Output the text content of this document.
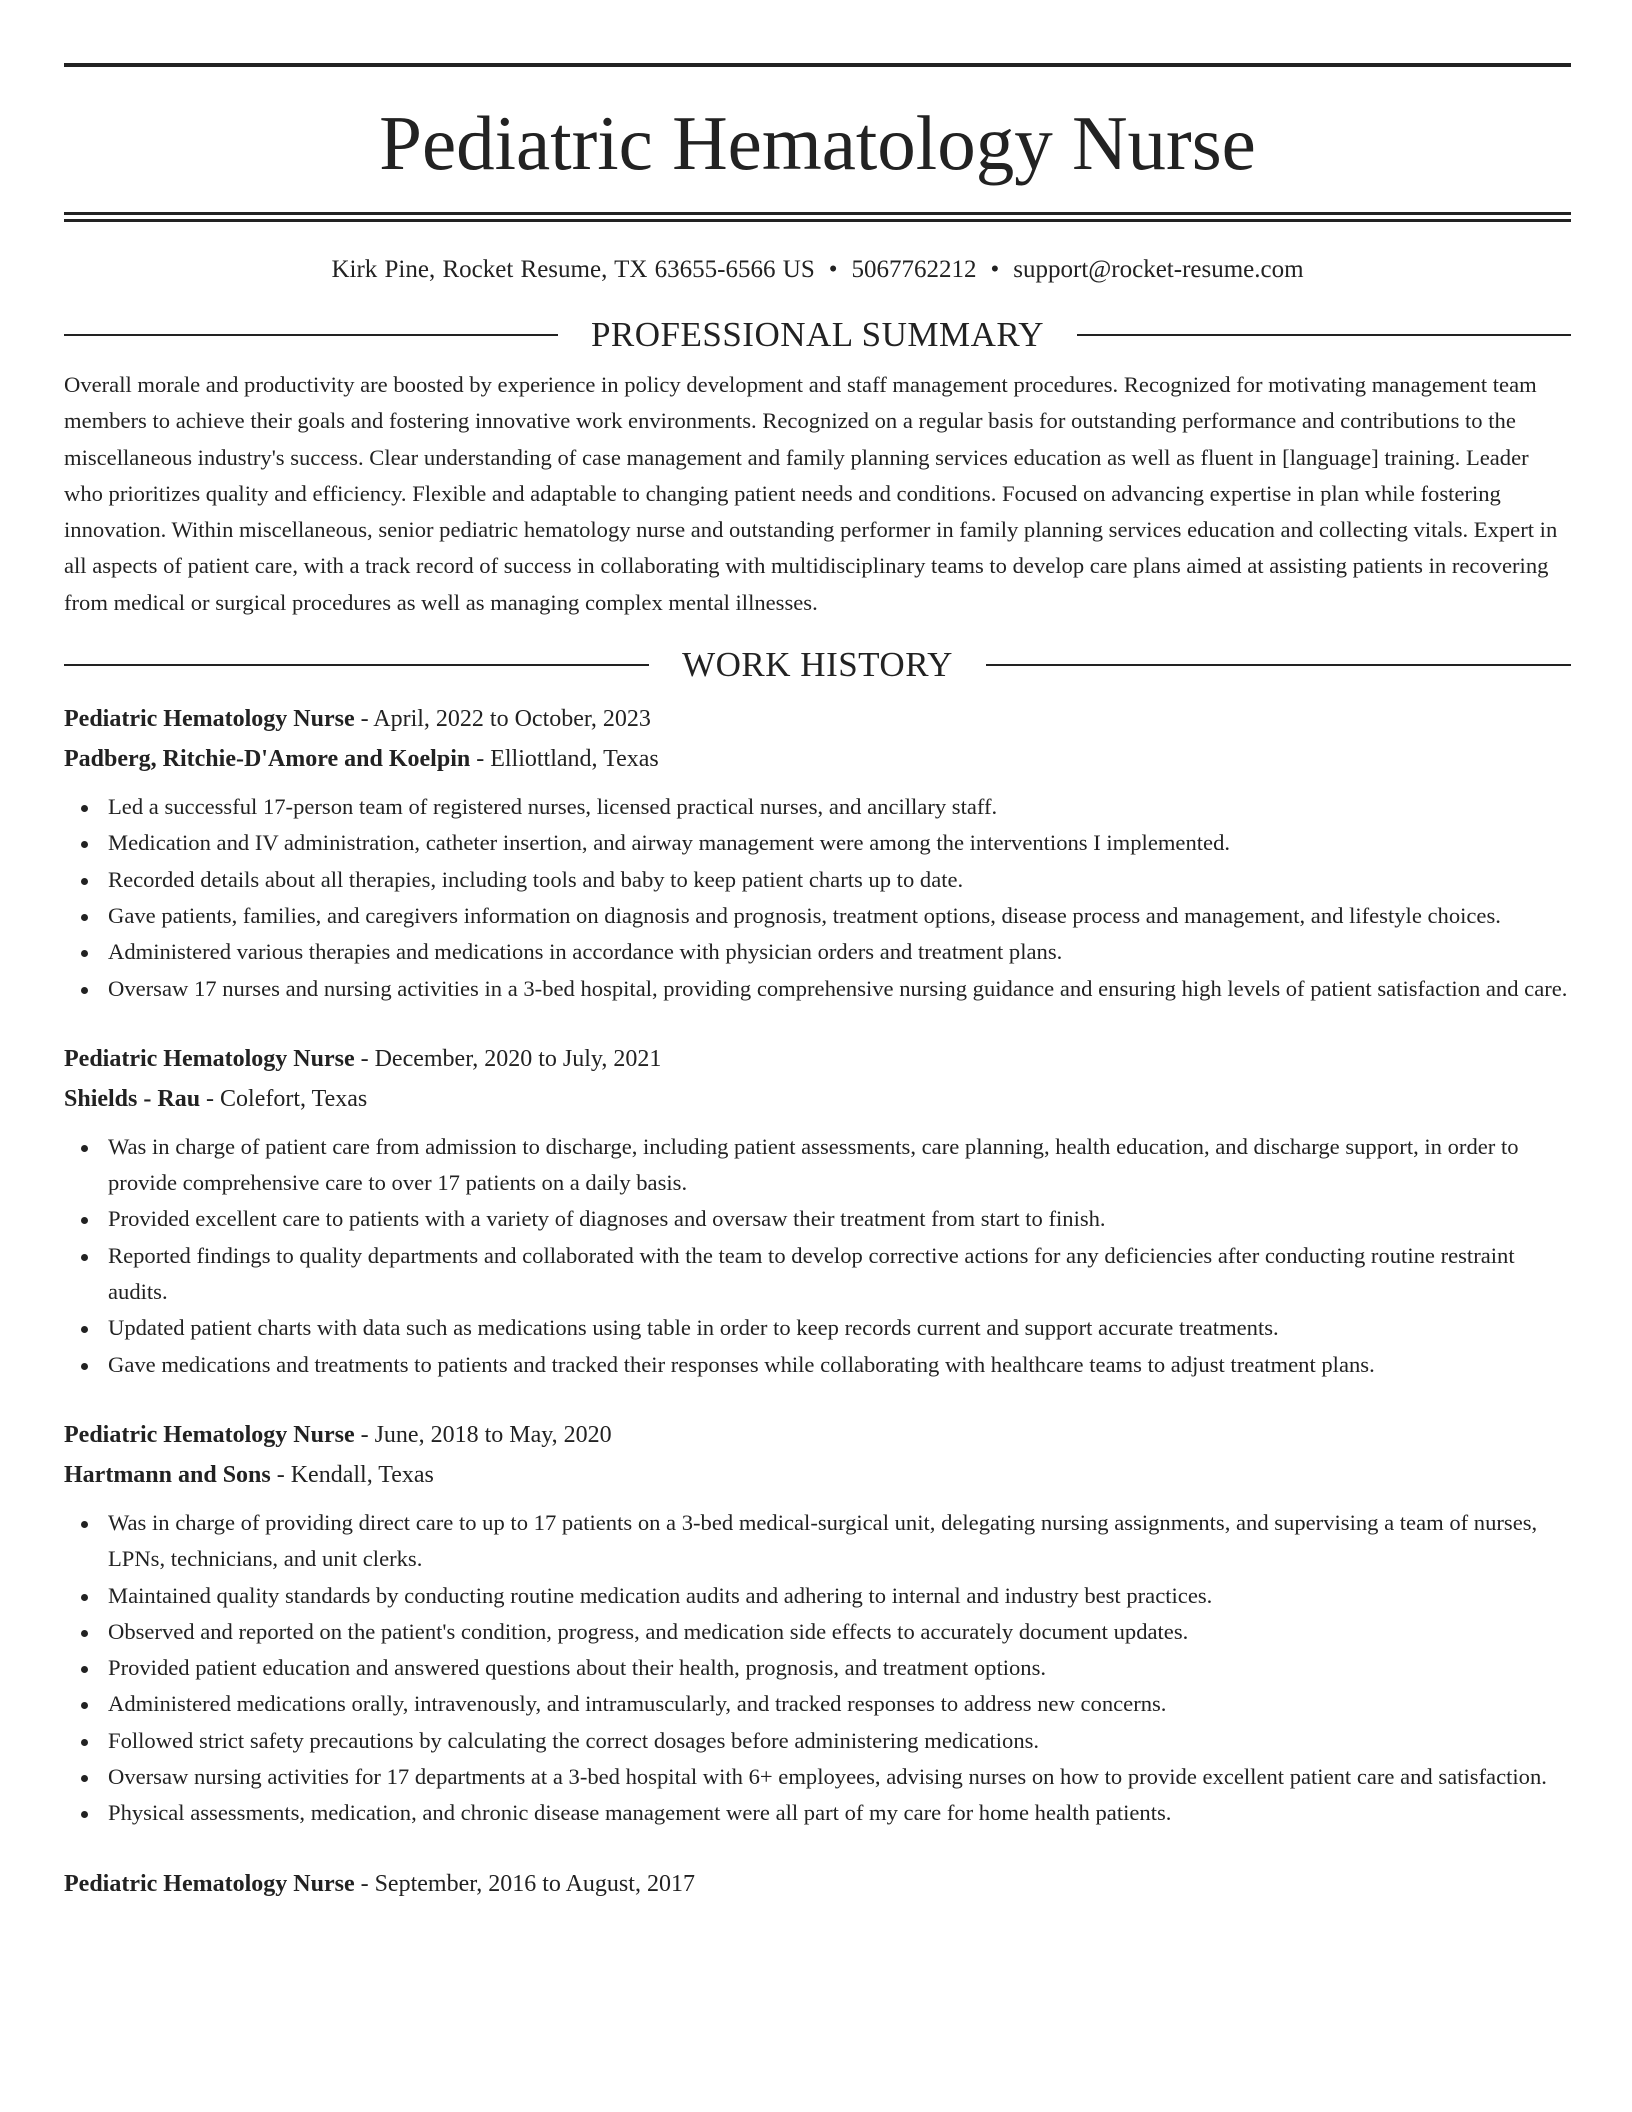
Pediatric Hematology Nurse
Kirk Pine, Rocket Resume, TX 63655-6566 US • 5067762212 • support@rocket-resume.com
PROFESSIONAL SUMMARY
Overall morale and productivity are boosted by experience in policy development and staff management procedures. Recognized for motivating management team members to achieve their goals and fostering innovative work environments. Recognized on a regular basis for outstanding performance and contributions to the miscellaneous industry's success. Clear understanding of case management and family planning services education as well as fluent in [language] training. Leader who prioritizes quality and efficiency. Flexible and adaptable to changing patient needs and conditions. Focused on advancing expertise in plan while fostering innovation. Within miscellaneous, senior pediatric hematology nurse and outstanding performer in family planning services education and collecting vitals. Expert in all aspects of patient care, with a track record of success in collaborating with multidisciplinary teams to develop care plans aimed at assisting patients in recovering from medical or surgical procedures as well as managing complex mental illnesses.
WORK HISTORY
Pediatric Hematology Nurse - April, 2022 to October, 2023
Padberg, Ritchie-D'Amore and Koelpin - Elliottland, Texas
Led a successful 17-person team of registered nurses, licensed practical nurses, and ancillary staff.
Medication and IV administration, catheter insertion, and airway management were among the interventions I implemented.
Recorded details about all therapies, including tools and baby to keep patient charts up to date.
Gave patients, families, and caregivers information on diagnosis and prognosis, treatment options, disease process and management, and lifestyle choices.
Administered various therapies and medications in accordance with physician orders and treatment plans.
Oversaw 17 nurses and nursing activities in a 3-bed hospital, providing comprehensive nursing guidance and ensuring high levels of patient satisfaction and care.
Pediatric Hematology Nurse - December, 2020 to July, 2021
Shields - Rau - Colefort, Texas
Was in charge of patient care from admission to discharge, including patient assessments, care planning, health education, and discharge support, in order to provide comprehensive care to over 17 patients on a daily basis.
Provided excellent care to patients with a variety of diagnoses and oversaw their treatment from start to finish.
Reported findings to quality departments and collaborated with the team to develop corrective actions for any deficiencies after conducting routine restraint audits.
Updated patient charts with data such as medications using table in order to keep records current and support accurate treatments.
Gave medications and treatments to patients and tracked their responses while collaborating with healthcare teams to adjust treatment plans.
Pediatric Hematology Nurse - June, 2018 to May, 2020
Hartmann and Sons - Kendall, Texas
Was in charge of providing direct care to up to 17 patients on a 3-bed medical-surgical unit, delegating nursing assignments, and supervising a team of nurses, LPNs, technicians, and unit clerks.
Maintained quality standards by conducting routine medication audits and adhering to internal and industry best practices.
Observed and reported on the patient's condition, progress, and medication side effects to accurately document updates.
Provided patient education and answered questions about their health, prognosis, and treatment options.
Administered medications orally, intravenously, and intramuscularly, and tracked responses to address new concerns.
Followed strict safety precautions by calculating the correct dosages before administering medications.
Oversaw nursing activities for 17 departments at a 3-bed hospital with 6+ employees, advising nurses on how to provide excellent patient care and satisfaction.
Physical assessments, medication, and chronic disease management were all part of my care for home health patients.
Pediatric Hematology Nurse - September, 2016 to August, 2017
